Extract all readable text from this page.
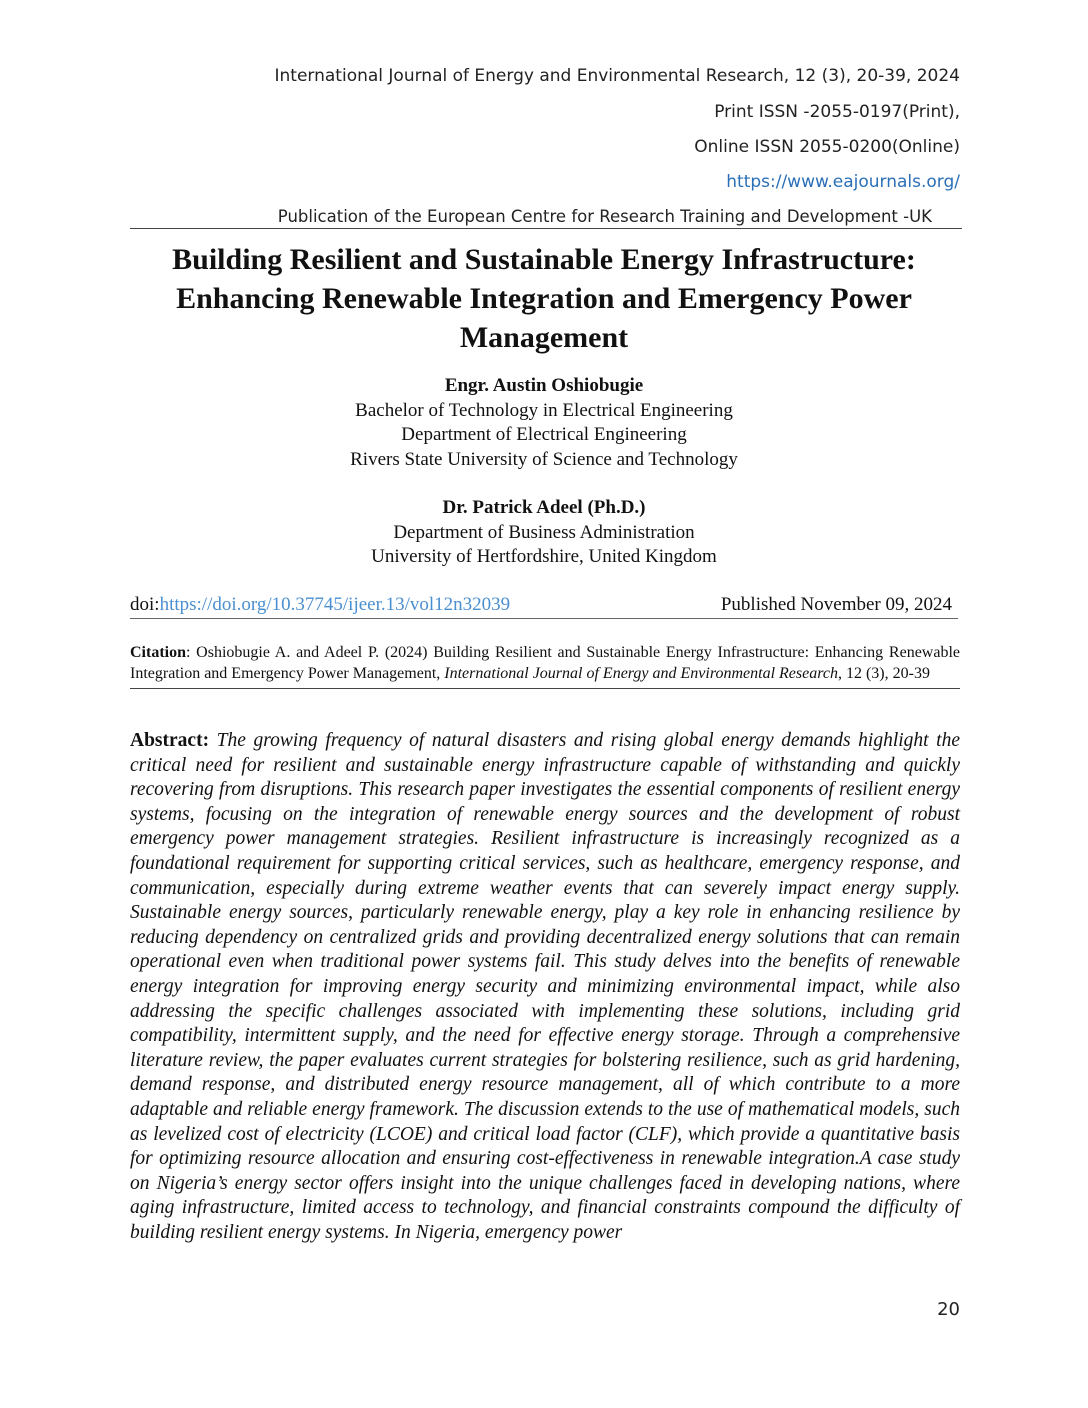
International Journal of Energy and Environmental Research, 12 (3), 20-39, 2024
Print ISSN -2055-0197(Print),
Online ISSN 2055-0200(Online)
https://www.eajournals.org/
Publication of the European Centre for Research Training and Development -UK
Building Resilient and Sustainable Energy Infrastructure: Enhancing Renewable Integration and Emergency Power Management
Engr. Austin Oshiobugie
Bachelor of Technology in Electrical Engineering
Department of Electrical Engineering
Rivers State University of Science and Technology
Dr. Patrick Adeel (Ph.D.)
Department of Business Administration
University of Hertfordshire, United Kingdom
doi:https://doi.org/10.37745/ijeer.13/vol12n32039	Published November 09, 2024
Citation: Oshiobugie A. and Adeel P. (2024) Building Resilient and Sustainable Energy Infrastructure: Enhancing Renewable Integration and Emergency Power Management, International Journal of Energy and Environmental Research, 12 (3), 20-39
Abstract: The growing frequency of natural disasters and rising global energy demands highlight the critical need for resilient and sustainable energy infrastructure capable of withstanding and quickly recovering from disruptions. This research paper investigates the essential components of resilient energy systems, focusing on the integration of renewable energy sources and the development of robust emergency power management strategies. Resilient infrastructure is increasingly recognized as a foundational requirement for supporting critical services, such as healthcare, emergency response, and communication, especially during extreme weather events that can severely impact energy supply. Sustainable energy sources, particularly renewable energy, play a key role in enhancing resilience by reducing dependency on centralized grids and providing decentralized energy solutions that can remain operational even when traditional power systems fail. This study delves into the benefits of renewable energy integration for improving energy security and minimizing environmental impact, while also addressing the specific challenges associated with implementing these solutions, including grid compatibility, intermittent supply, and the need for effective energy storage. Through a comprehensive literature review, the paper evaluates current strategies for bolstering resilience, such as grid hardening, demand response, and distributed energy resource management, all of which contribute to a more adaptable and reliable energy framework. The discussion extends to the use of mathematical models, such as levelized cost of electricity (LCOE) and critical load factor (CLF), which provide a quantitative basis for optimizing resource allocation and ensuring cost-effectiveness in renewable integration.A case study on Nigeria’s energy sector offers insight into the unique challenges faced in developing nations, where aging infrastructure, limited access to technology, and financial constraints compound the difficulty of building resilient energy systems. In Nigeria, emergency power
20
